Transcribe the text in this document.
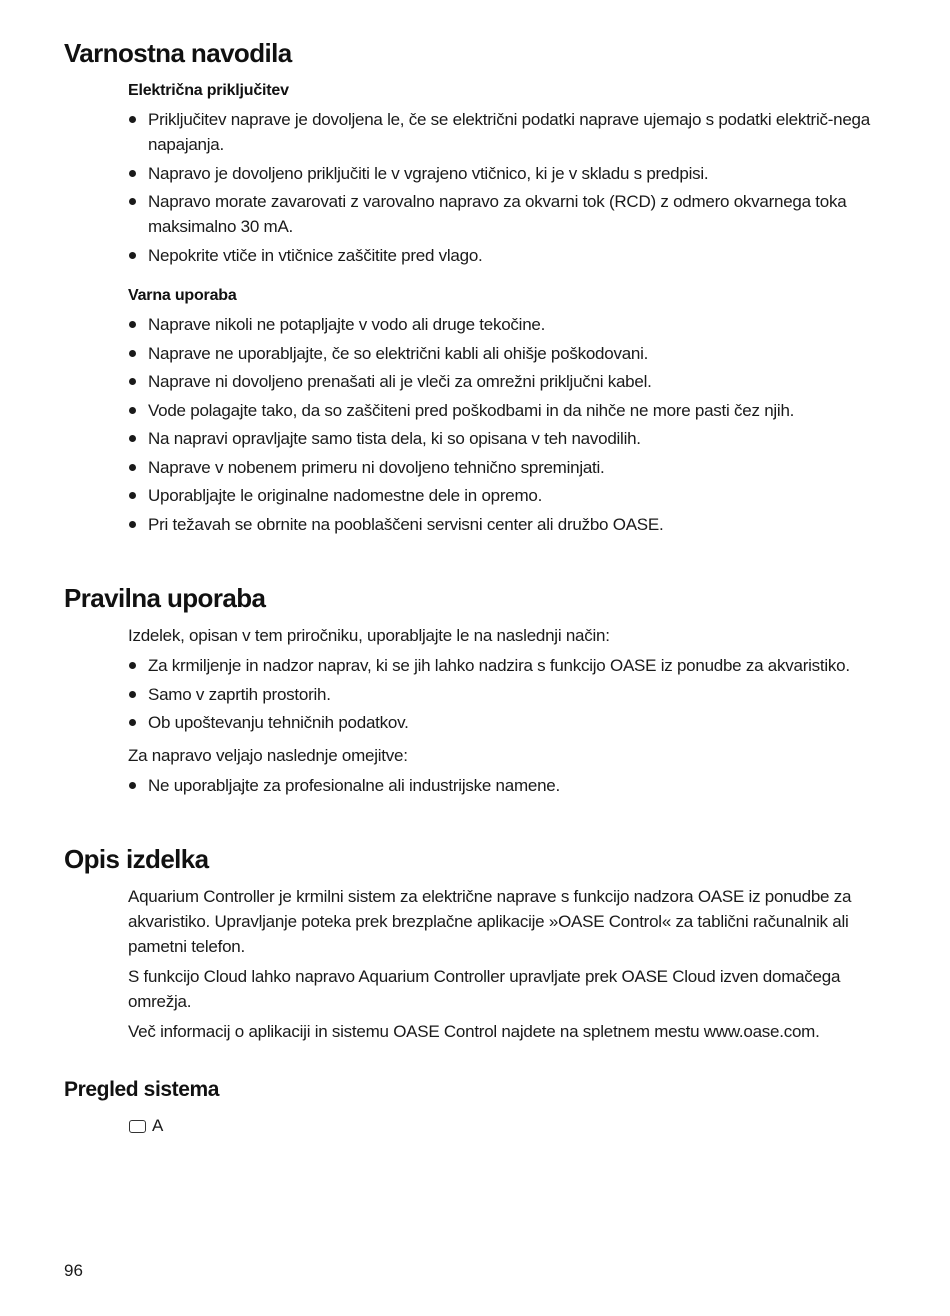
Varnostna navodila
Električna priključitev
Priključitev naprave je dovoljena le, če se električni podatki naprave ujemajo s podatki električ-nega napajanja.
Napravo je dovoljeno priključiti le v vgrajeno vtičnico, ki je v skladu s predpisi.
Napravo morate zavarovati z varovalno napravo za okvarni tok (RCD) z odmero okvarnega toka maksimalno 30 mA.
Nepokrite vtiče in vtičnice zaščitite pred vlago.
Varna uporaba
Naprave nikoli ne potapljajte v vodo ali druge tekočine.
Naprave ne uporabljajte, če so električni kabli ali ohišje poškodovani.
Naprave ni dovoljeno prenašati ali je vleči za omrežni priključni kabel.
Vode polagajte tako, da so zaščiteni pred poškodbami in da nihče ne more pasti čez njih.
Na napravi opravljajte samo tista dela, ki so opisana v teh navodilih.
Naprave v nobenem primeru ni dovoljeno tehnično spreminjati.
Uporabljajte le originalne nadomestne dele in opremo.
Pri težavah se obrnite na pooblaščeni servisni center ali družbo OASE.
Pravilna uporaba

Izdelek, opisan v tem priročniku, uporabljajte le na naslednji način:

Za krmiljenje in nadzor naprav, ki se jih lahko nadzira s funkcijo OASE iz ponudbe za akvaristiko.
Samo v zaprtih prostorih.
Ob upoštevanju tehničnih podatkov.

Za napravo veljajo naslednje omejitve:

Ne uporabljajte za profesionalne ali industrijske namene.
Opis izdelka

Aquarium Controller je krmilni sistem za električne naprave s funkcijo nadzora OASE iz ponudbe za akvaristiko. Upravljanje poteka prek brezplačne aplikacije »OASE Control« za tablični računalnik ali pametni telefon.

S funkcijo Cloud lahko napravo Aquarium Controller upravljate prek OASE Cloud izven domačega omrežja.

Več informacij o aplikaciji in sistemu OASE Control najdete na spletnem mestu www.oase.com.

Pregled sistema
A
96
